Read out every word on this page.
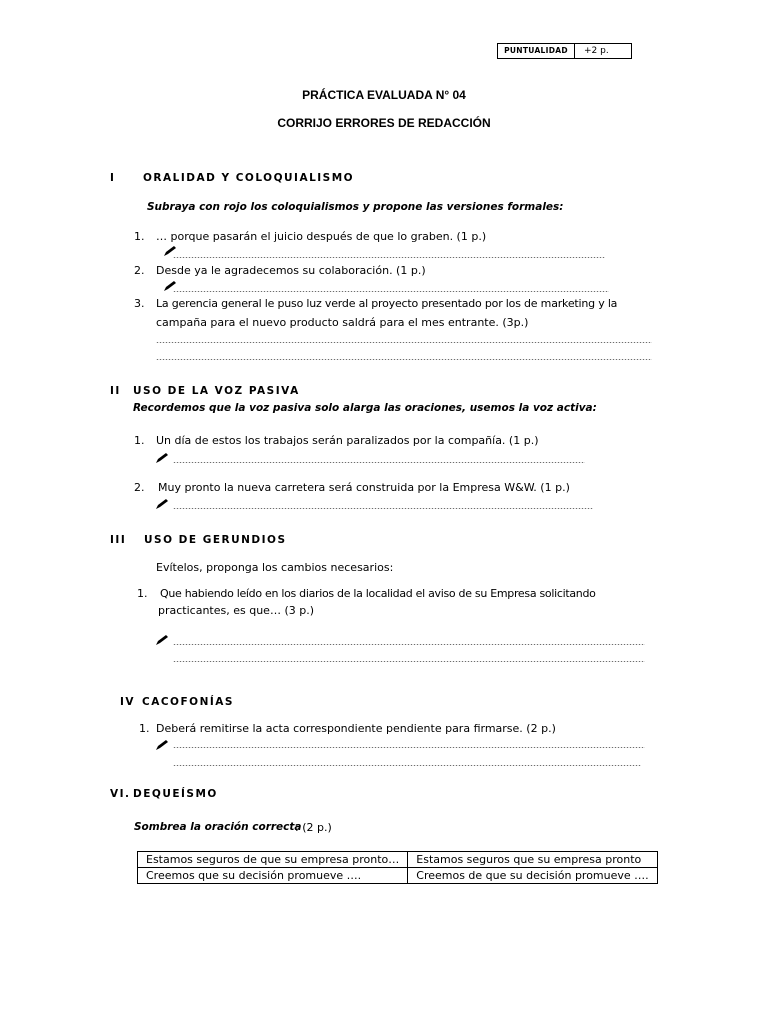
PUNTUALIDAD	+2 p.
PRÁCTICA EVALUADA N° 04
CORRIJO ERRORES DE REDACCIÓN
I	ORALIDAD Y COLOQUIALISMO
Subraya con rojo los coloquialismos y propone las versiones formales:
1. … porque pasarán el juicio después de que lo graben. (1 p.)
2. Desde ya le agradecemos su colaboración. (1 p.)
3. La gerencia general le puso luz verde al proyecto presentado por los de marketing y la
campaña para el nuevo producto saldrá para el mes entrante. (3p.)
II USO DE LA VOZ PASIVA
Recordemos que la voz pasiva solo alarga las oraciones, usemos la voz activa:
1. Un día de estos los trabajos serán paralizados por la compañía. (1 p.)
2. Muy pronto la nueva carretera será construida por la Empresa W&W. (1 p.)
III USO DE GERUNDIOS
Evítelos, proponga los cambios necesarios:
1. Que habiendo leído en los diarios de la localidad el aviso de su Empresa solicitando
practicantes, es que… (3 p.)
IV CACOFONÍAS
1. Deberá remitirse la acta correspondiente pendiente para firmarse. (2 p.)
VI. DEQUEÍSMO
Sombrea la oración correcta
: (2 p.)
Estamos seguros de que su empresa pronto…	Estamos seguros que su empresa pronto
Creemos que su decisión promueve ….	Creemos de que su decisión promueve ….
